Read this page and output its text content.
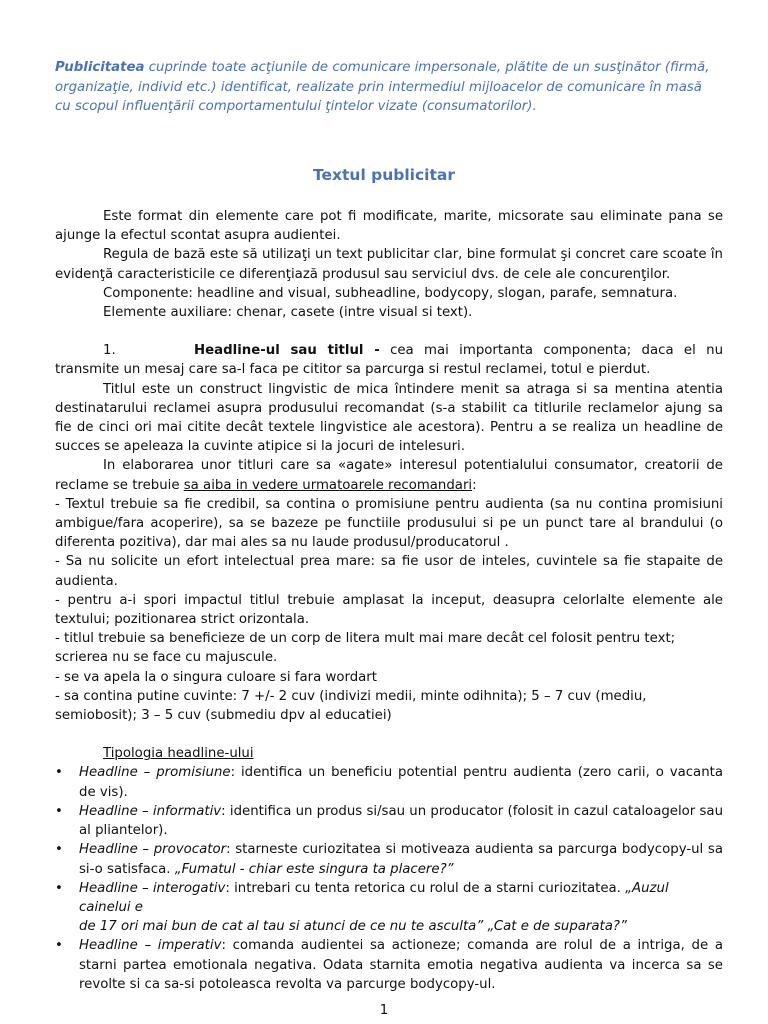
Publicitatea cuprinde toate acţiunile de comunicare impersonale, plătite de un susţinător (firmă, organizaţie, individ etc.) identificat, realizate prin intermediul mijloacelor de comunicare în masă cu scopul influenţării comportamentului ţintelor vizate (consumatorilor).
Textul publicitar

Este format din elemente care pot fi modificate, marite, micsorate sau eliminate pana se ajunge la efectul scontat asupra audientei.

Regula de bază este să utilizaţi un text publicitar clar, bine formulat şi concret care scoate în evidenţă caracteristicile ce diferenţiază produsul sau serviciul dvs. de cele ale concurenţilor.

Componente: headline and visual, subheadline, bodycopy, slogan, parafe, semnatura.

Elemente auxiliare: chenar, casete (intre visual si text).

1.	Headline-ul sau titlul - cea mai importanta componenta; daca el nu transmite un mesaj care sa-l faca pe cititor sa parcurga si restul reclamei, totul e pierdut.

Titlul este un construct lingvistic de mica întindere menit sa atraga si sa mentina atentia destinatarului reclamei asupra produsului recomandat (s-a stabilit ca titlurile reclamelor ajung sa fie de cinci ori mai citite decât textele lingvistice ale acestora). Pentru a se realiza un headline de succes se apeleaza la cuvinte atipice si la jocuri de intelesuri.

In elaborarea unor titluri care sa «agate» interesul potentialului consumator, creatorii de reclame se trebuie sa aiba in vedere urmatoarele recomandari:

- Textul trebuie sa fie credibil, sa contina o promisiune pentru audienta (sa nu contina promisiuni ambigue/fara acoperire), sa se bazeze pe functiile produsului si pe un punct tare al brandului (o diferenta pozitiva), dar mai ales sa nu laude produsul/producatorul .

- Sa nu solicite un efort intelectual prea mare: sa fie usor de inteles, cuvintele sa fie stapaite de audienta.

- pentru a-i spori impactul titlul trebuie amplasat la inceput, deasupra celorlalte elemente ale textului; pozitionarea strict orizontala.

- titlul trebuie sa beneficieze de un corp de litera mult mai mare decât cel folosit pentru text; scrierea nu se face cu majuscule.

- se va apela la o singura culoare si fara wordart

- sa contina putine cuvinte: 7 +/- 2 cuv (indivizi medii, minte odihnita); 5 – 7 cuv (mediu, semiobosit); 3 – 5 cuv (submediu dpv al educatiei)

Tipologia headline-ului

• Headline – promisiune: identifica un beneficiu potential pentru audienta (zero carii, o vacanta de vis).
• Headline – informativ: identifica un produs si/sau un producator (folosit in cazul cataloagelor sau al pliantelor).
• Headline – provocator: starneste curiozitatea si motiveaza audienta sa parcurga bodycopy-ul sa si-o satisfaca. „Fumatul - chiar este singura ta placere?”
• Headline – interogativ: intrebari cu tenta retorica cu rolul de a starni curiozitatea. „Auzul cainelui e
de 17 ori mai bun de cat al tau si atunci de ce nu te asculta” „Cat e de suparata?”
• Headline – imperativ: comanda audientei sa actioneze; comanda are rolul de a intriga, de a starni partea emotionala negativa. Odata starnita emotia negativa audienta va incerca sa se revolte si ca sa-si potoleasca revolta va parcurge bodycopy-ul.
1
